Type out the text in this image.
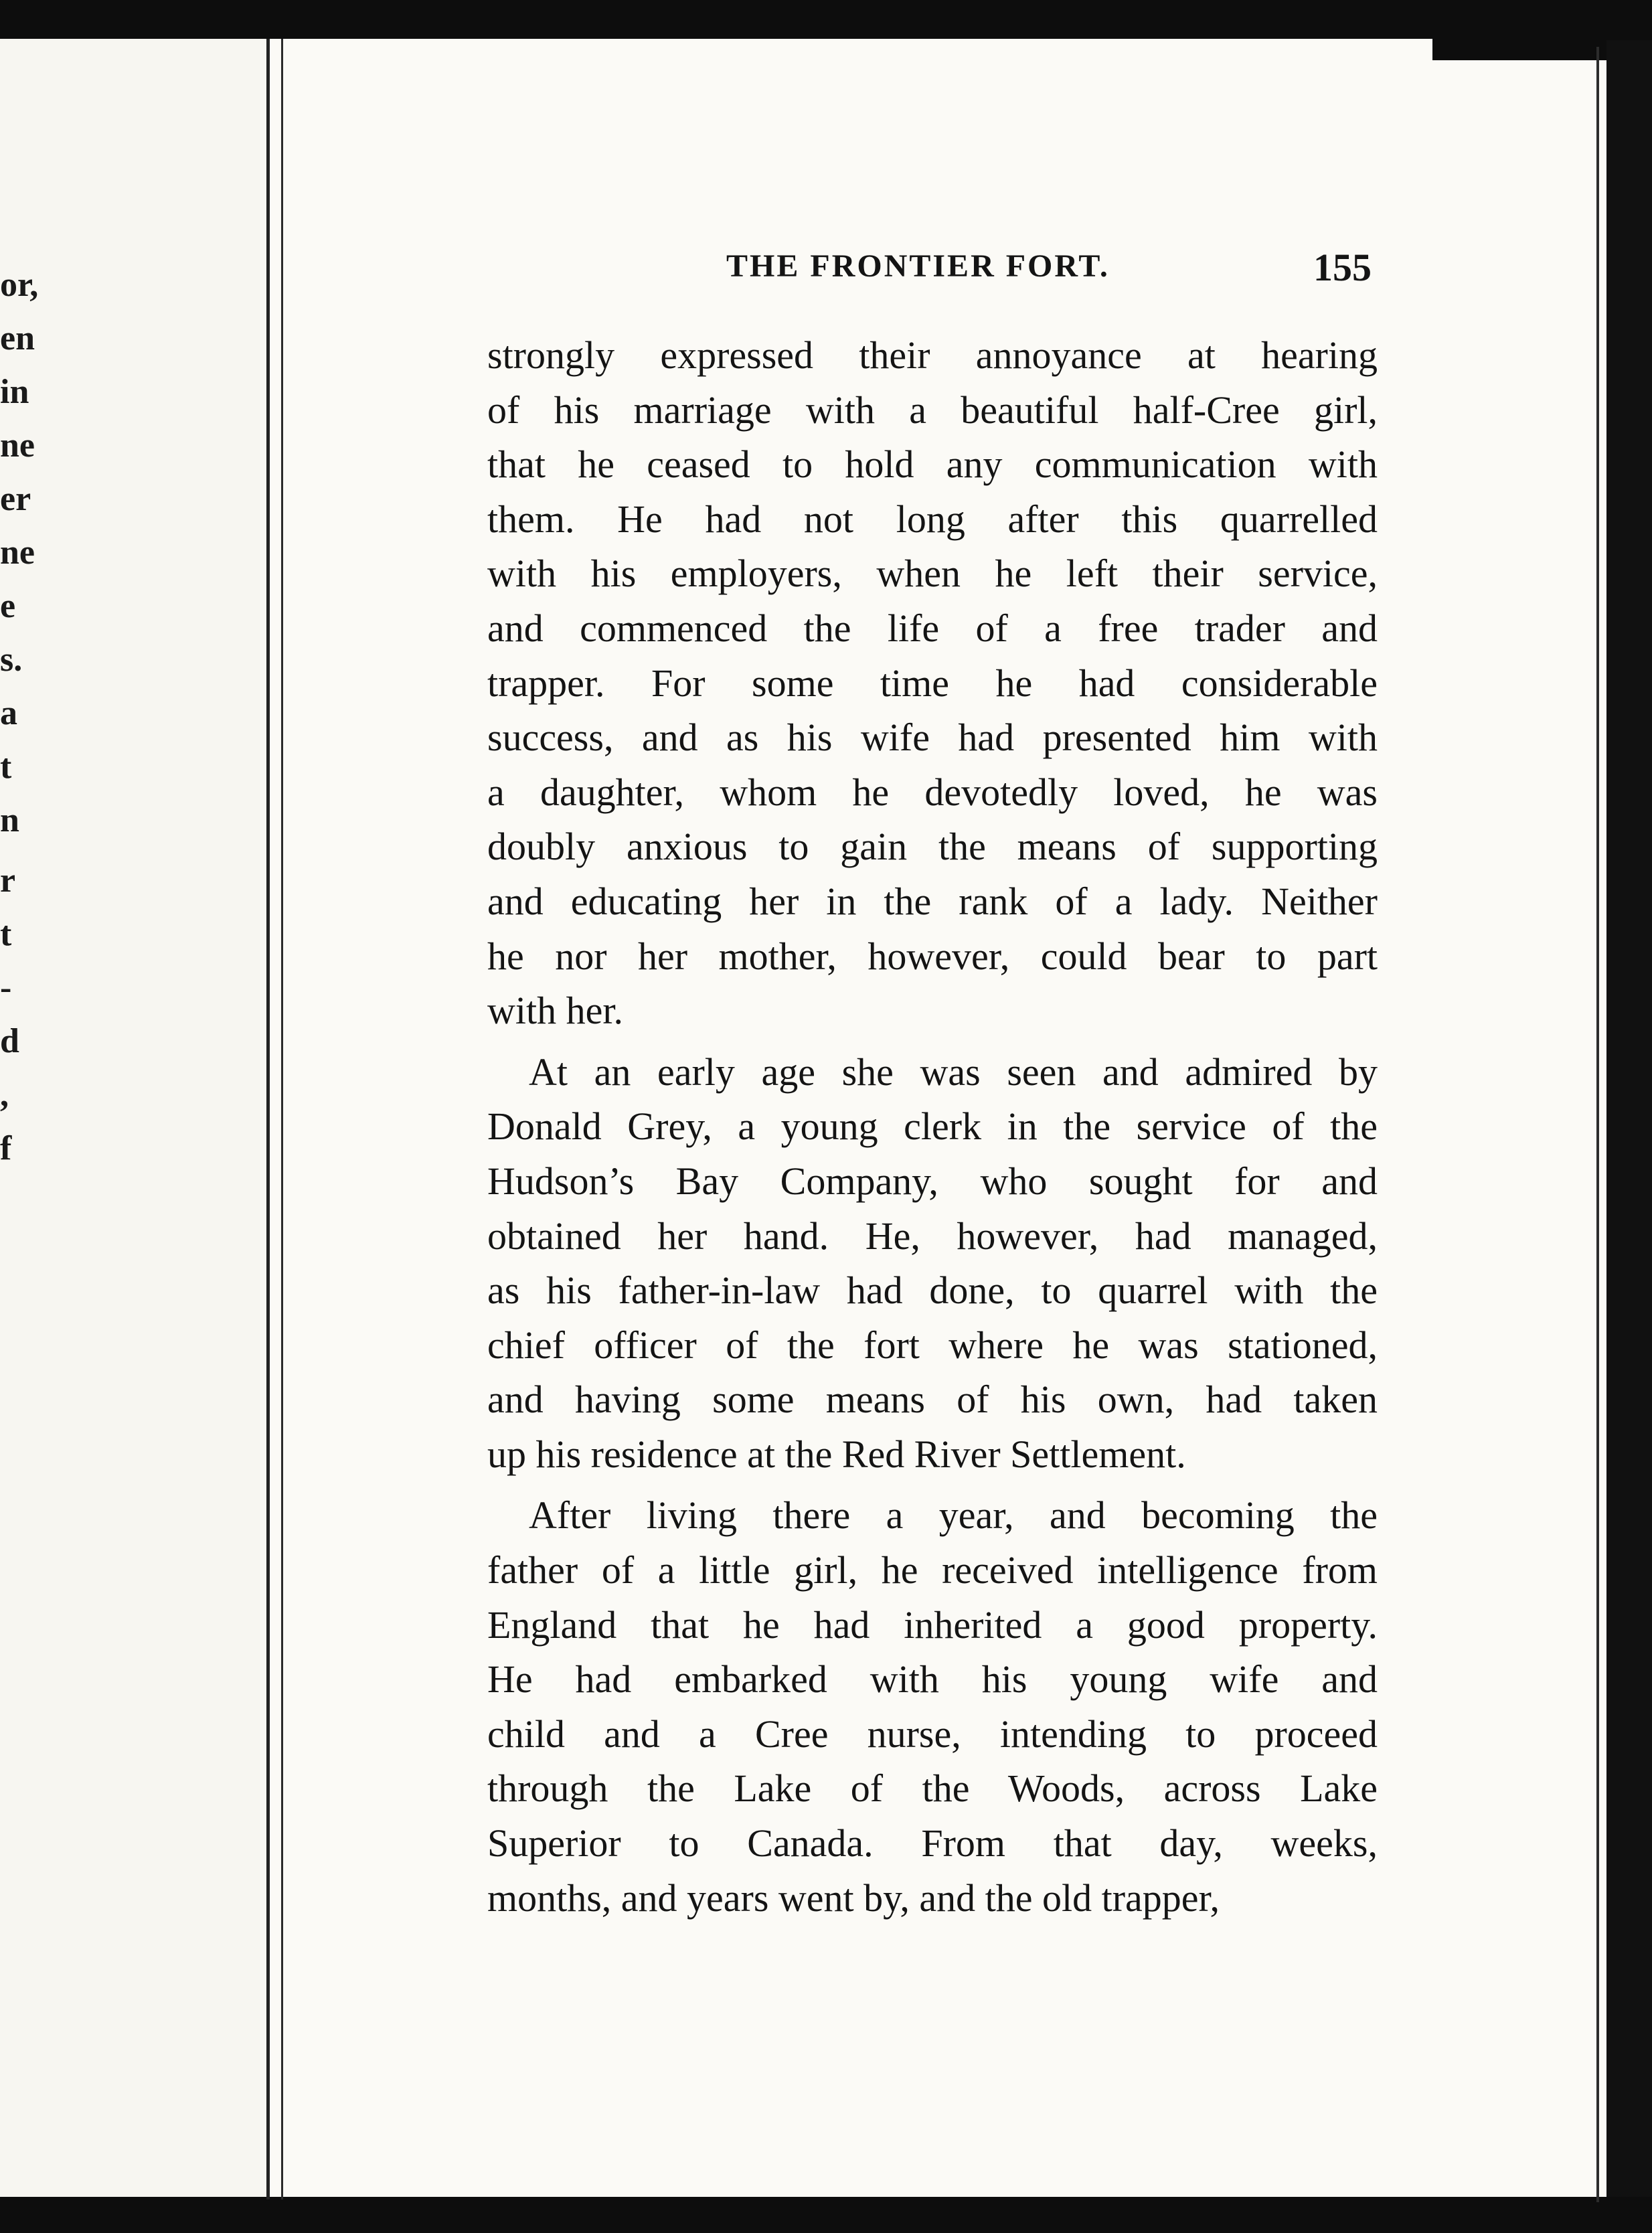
or,
en
in
ne
er
ne
e
s.
a
t
n
r
t
-
d
,
f
THE FRONTIER FORT.	155
strongly expressed their annoyance at hearing
of his marriage with a beautiful half-Cree girl,
that he ceased to hold any communication with
them. He had not long after this quarrelled
with his employers, when he left their service,
and commenced the life of a free trader and
trapper. For some time he had considerable
success, and as his wife had presented him with
a daughter, whom he devotedly loved, he was
doubly anxious to gain the means of supporting
and educating her in the rank of a lady. Neither
he nor her mother, however, could bear to part
with her.
At an early age she was seen and admired by
Donald Grey, a young clerk in the service of the
Hudson’s Bay Company, who sought for and
obtained her hand. He, however, had managed,
as his father-in-law had done, to quarrel with the
chief officer of the fort where he was stationed,
and having some means of his own, had taken
up his residence at the Red River Settlement.
After living there a year, and becoming the
father of a little girl, he received intelligence from
England that he had inherited a good property.
He had embarked with his young wife and
child and a Cree nurse, intending to proceed
through the Lake of the Woods, across Lake
Superior to Canada. From that day, weeks,
months, and years went by, and the old trapper,
